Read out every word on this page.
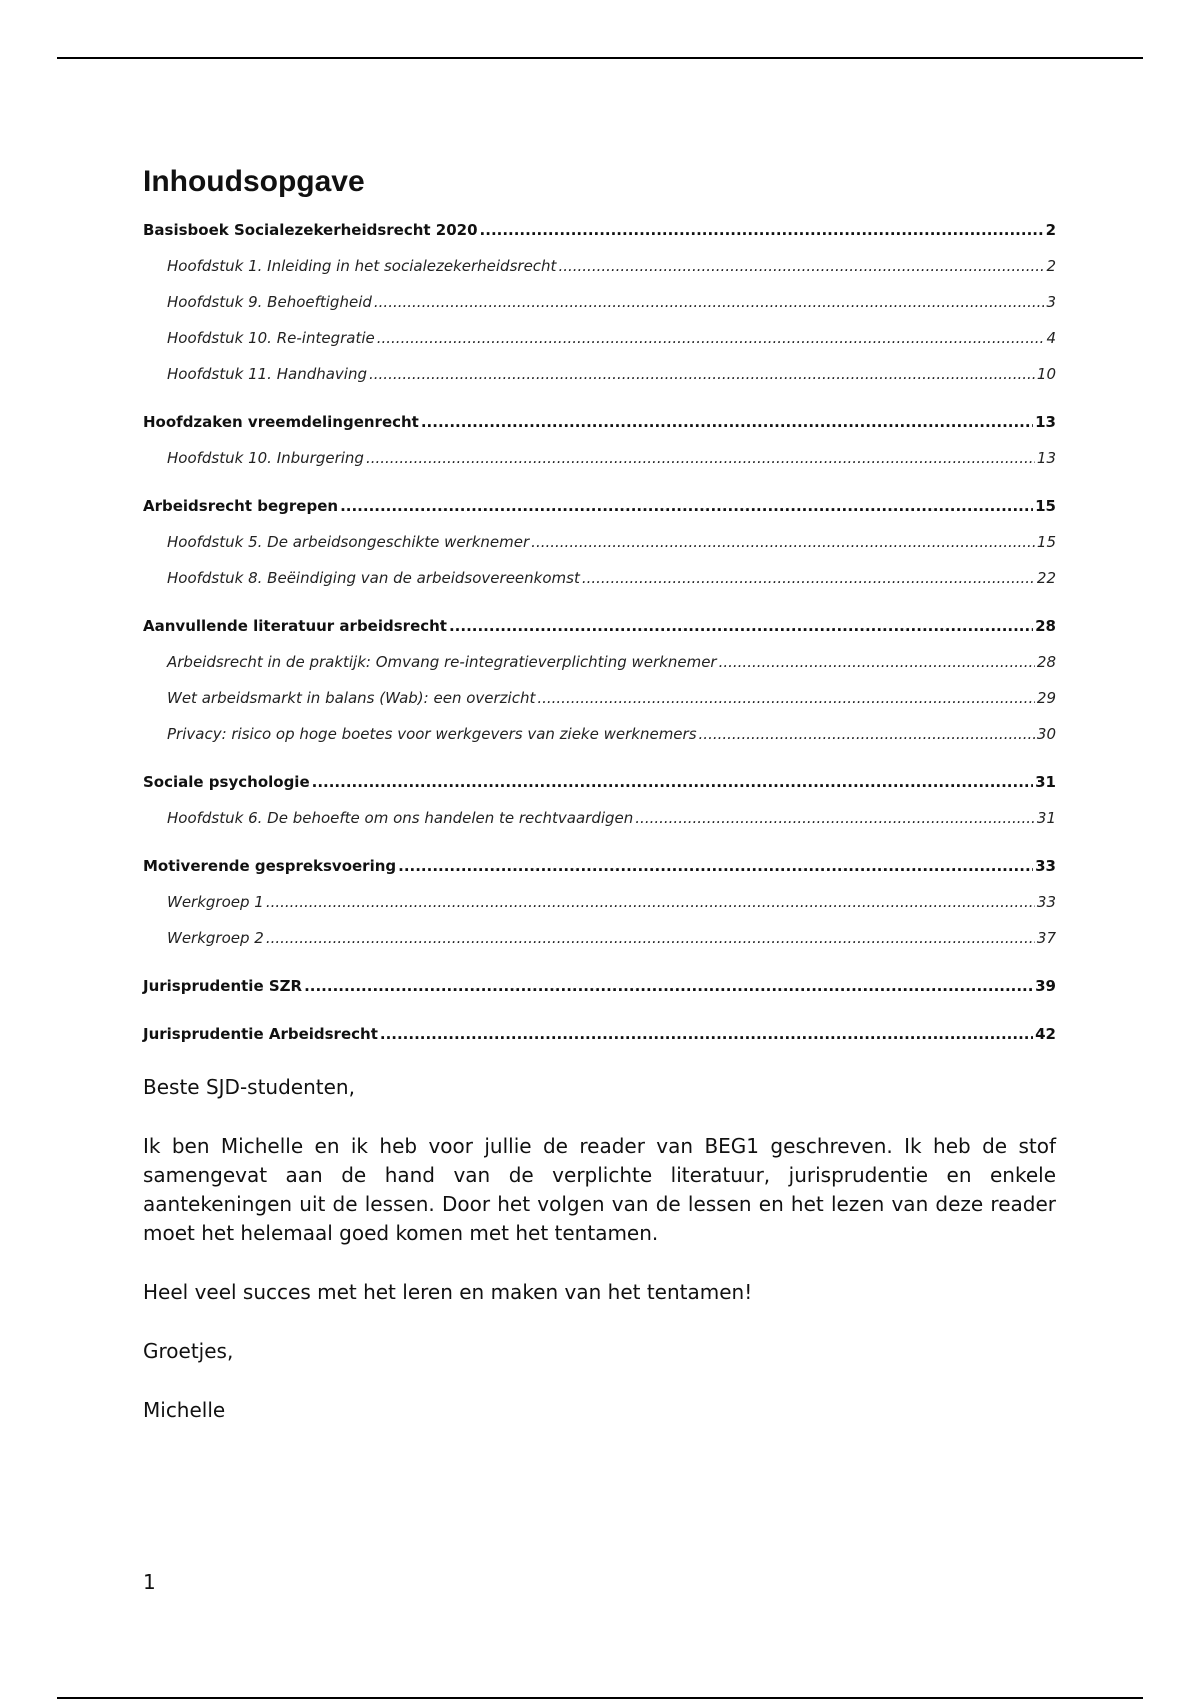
Inhoudsopgave
Basisboek Socialezekerheidsrecht 2020 .....	2
Hoofdstuk 1. Inleiding in het socialezekerheidsrecht .....	2
Hoofdstuk 9. Behoeftigheid .....	3
Hoofdstuk 10. Re-integratie .....	4
Hoofdstuk 11. Handhaving .....	10
Hoofdzaken vreemdelingenrecht .....	13
Hoofdstuk 10. Inburgering .....	13
Arbeidsrecht begrepen .....	15
Hoofdstuk 5. De arbeidsongeschikte werknemer .....	15
Hoofdstuk 8. Beëindiging van de arbeidsovereenkomst .....	22
Aanvullende literatuur arbeidsrecht .....	28
Arbeidsrecht in de praktijk: Omvang re-integratieverplichting werknemer .....	28
Wet arbeidsmarkt in balans (Wab): een overzicht .....	29
Privacy: risico op hoge boetes voor werkgevers van zieke werknemers .....	30
Sociale psychologie .....	31
Hoofdstuk 6. De behoefte om ons handelen te rechtvaardigen .....	31
Motiverende gespreksvoering .....	33
Werkgroep 1 .....	33
Werkgroep 2 .....	37
Jurisprudentie SZR .....	39
Jurisprudentie Arbeidsrecht .....	42

Beste SJD-studenten,

Ik ben Michelle en ik heb voor jullie de reader van BEG1 geschreven. Ik heb de stof samengevat aan de hand van de verplichte literatuur, jurisprudentie en enkele aantekeningen uit de lessen. Door het volgen van de lessen en het lezen van deze reader moet het helemaal goed komen met het tentamen.

Heel veel succes met het leren en maken van het tentamen!

Groetjes,

Michelle

1
